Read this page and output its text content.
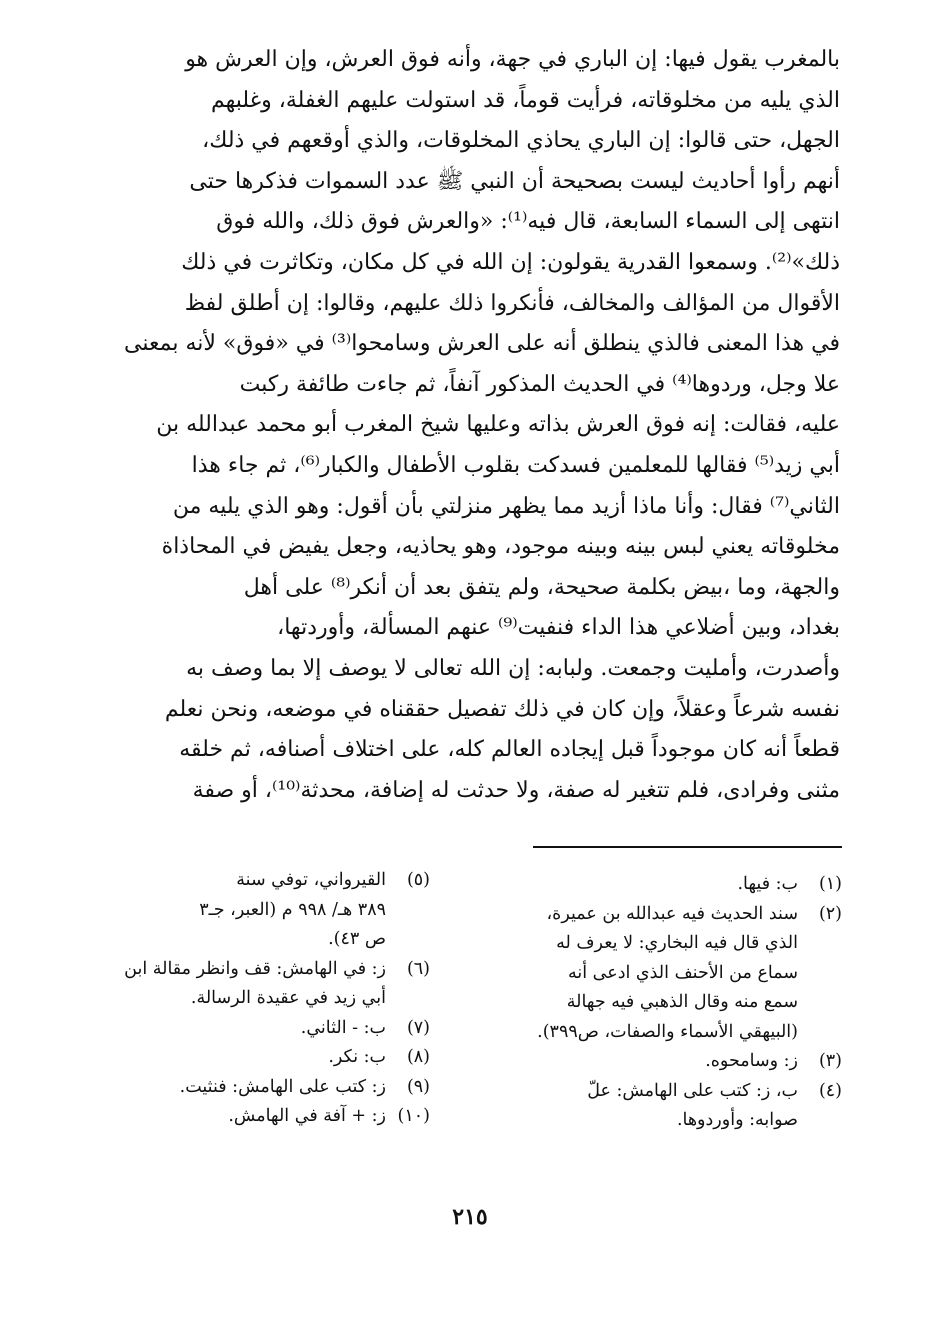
بالمغرب يقول فيها: إن الباري في جهة، وأنه فوق العرش، وإن العرش هو
الذي يليه من مخلوقاته، فرأيت قوماً، قد استولت عليهم الغفلة، وغلبهم
الجهل، حتى قالوا: إن الباري يحاذي المخلوقات، والذي أوقعهم في ذلك،
أنهم رأوا أحاديث ليست بصحيحة أن النبي ﷺ عدد السموات فذكرها حتى
انتهى إلى السماء السابعة، قال فيه⁽¹⁾: «والعرش فوق ذلك، والله فوق
ذلك»⁽²⁾. وسمعوا القدرية يقولون: إن الله في كل مكان، وتكاثرت في ذلك
الأقوال من المؤالف والمخالف، فأنكروا ذلك عليهم، وقالوا: إن أطلق لفظ
في هذا المعنى فالذي ينطلق أنه على العرش وسامحوا⁽³⁾ في «فوق» لأنه بمعنى
علا وجل، وردوها⁽⁴⁾ في الحديث المذكور آنفاً، ثم جاءت طائفة ركبت
عليه، فقالت: إنه فوق العرش بذاته وعليها شيخ المغرب أبو محمد عبدالله بن
أبي زيد⁽⁵⁾ فقالها للمعلمين فسدكت بقلوب الأطفال والكبار⁽⁶⁾، ثم جاء هذا
الثاني⁽⁷⁾ فقال: وأنا ماذا أزيد مما يظهر منزلتي بأن أقول: وهو الذي يليه من
مخلوقاته يعني لبس بينه وبينه موجود، وهو يحاذيه، وجعل يفيض في المحاذاة
والجهة، وما ،بيض بكلمة صحيحة، ولم يتفق بعد أن أنكر⁽⁸⁾ على أهل
بغداد، وبين أضلاعي هذا الداء فنفيت⁽⁹⁾ عنهم المسألة، وأوردتها،
وأصدرت، وأمليت وجمعت. ولبابه: إن الله تعالى لا يوصف إلا بما وصف به
نفسه شرعاً وعقلاً، وإن كان في ذلك تفصيل حققناه في موضعه، ونحن نعلم
قطعاً أنه كان موجوداً قبل إيجاده العالم كله، على اختلاف أصنافه، ثم خلقه
مثنى وفرادى، فلم تتغير له صفة، ولا حدثت له إضافة، محدثة⁽¹⁰⁾، أو صفة
(١)
ب: فيها.
(٢)
سند الحديث فيه عبدالله بن عميرة،
الذي قال فيه البخاري: لا يعرف له
سماع من الأحنف الذي ادعى أنه
سمع منه وقال الذهبي فيه جهالة
(البيهقي الأسماء والصفات، ص٣٩٩).
(٣)
ز: وسامحوه.
(٤)
ب، ز: كتب على الهامش: علّ
صوابه: وأوردوها.
(٥)
القيرواني، توفي سنة
٣٨٩ هـ/ ٩٩٨ م (العبر، جـ٣
ص ٤٣).
(٦)
ز: في الهامش: قف وانظر مقالة ابن
أبي زيد في عقيدة الرسالة.
(٧)
ب: - الثاني.
(٨)
ب: نكر.
(٩)
ز: كتب على الهامش: فنثيت.
(١٠)
ز: + آفة في الهامش.
٢١٥
